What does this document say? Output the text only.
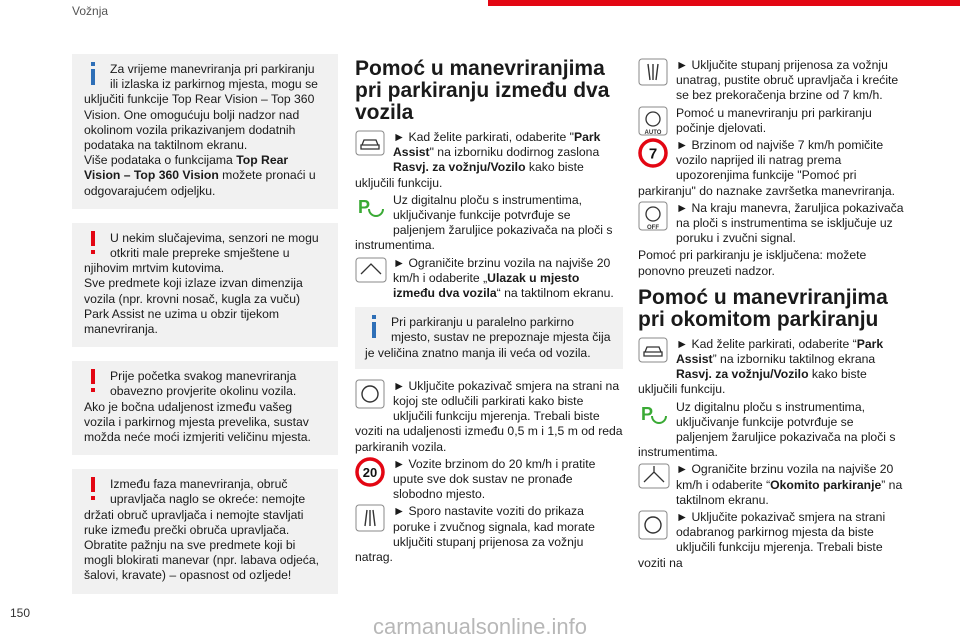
Vožnja

Za vrijeme manevriranja pri parkiranju ili izlaska iz parkirnog mjesta, mogu se uključiti funkcije Top Rear Vision – Top 360 Vision. One omogućuju bolji nadzor nad okolinom vozila prikazivanjem dodatnih podataka na taktilnom ekranu.

Više podataka o funkcijama Top Rear Vision – Top 360 Vision možete pronaći u odgovarajućem odjeljku.

U nekim slučajevima, senzori ne mogu otkriti male prepreke smještene u njihovim mrtvim kutovima.

Sve predmete koji izlaze izvan dimenzija vozila (npr. krovni nosač, kugla za vuču) Park Assist ne uzima u obzir tijekom manevriranja.

Prije početka svakog manevriranja obavezno provjerite okolinu vozila.

Ako je bočna udaljenost između vašeg vozila i parkirnog mjesta prevelika, sustav možda neće moći izmjeriti veličinu mjesta.

Između faza manevriranja, obruč upravljača naglo se okreće: nemojte držati obruč upravljača i nemojte stavljati ruke između prečki obruča upravljača.

Obratite pažnju na sve predmete koji bi mogli blokirati manevar (npr. labava odjeća, šalovi, kravate) – opasnost od ozljede!

Pomoć u manevriranjima pri parkiranju između dva vozila

► Kad želite parkirati, odaberite "Park Assist" na izborniku dodirnog zaslona Rasvj. za vožnju/Vozilo kako biste uključili funkciju.

P	Uz digitalnu ploču s instrumentima, uključivanje funkcije potvrđuje se paljenjem žaruljice pokazivača na ploči s instrumentima.

► Ograničite brzinu vozila na najviše 20 km/h i odaberite „Ulazak u mjesto između dva vozila“ na taktilnom ekranu.

Pri parkiranju u paralelno parkirno mjesto, sustav ne prepoznaje mjesta čija je veličina znatno manja ili veća od vozila.

► Uključite pokazivač smjera na strani na kojoj ste odlučili parkirati kako biste uključili funkciju mjerenja. Trebali biste voziti na udaljenosti između 0,5 m i 1,5 m od reda parkiranih vozila.

20

► Vozite brzinom do 20 km/h i pratite upute sve dok sustav ne pronađe slobodno mjesto.

► Sporo nastavite voziti do prikaza poruke i zvučnog signala, kad morate uključiti stupanj prijenosa za vožnju natrag.

► Uključite stupanj prijenosa za vožnju unatrag, pustite obruč upravljača i krećite se bez prekoračenja brzine od 7 km/h.

AUTO

Pomoć u manevriranju pri parkiranju počinje djelovati.

7

► Brzinom od najviše 7 km/h pomičite vozilo naprijed ili natrag prema upozorenjima funkcije "Pomoć pri parkiranju" do naznake završetka manevriranja.

OFF

► Na kraju manevra, žaruljica pokazivača na ploči s instrumentima se isključuje uz poruku i zvučni signal.

Pomoć pri parkiranju je isključena: možete ponovno preuzeti nadzor.

Pomoć u manevriranjima pri okomitom parkiranju

► Kad želite parkirati, odaberite “Park Assist” na izborniku taktilnog ekrana Rasvj. za vožnju/Vozilo kako biste uključili funkciju.

P	Uz digitalnu ploču s instrumentima, uključivanje funkcije potvrđuje se paljenjem žaruljice pokazivača na ploči s instrumentima.

► Ograničite brzinu vozila na najviše 20 km/h i odaberite “Okomito parkiranje” na taktilnom ekranu.

► Uključite pokazivač smjera na strani odabranog parkirnog mjesta da biste uključili funkciju mjerenja. Trebali biste voziti na

150
carmanualsonline.info
